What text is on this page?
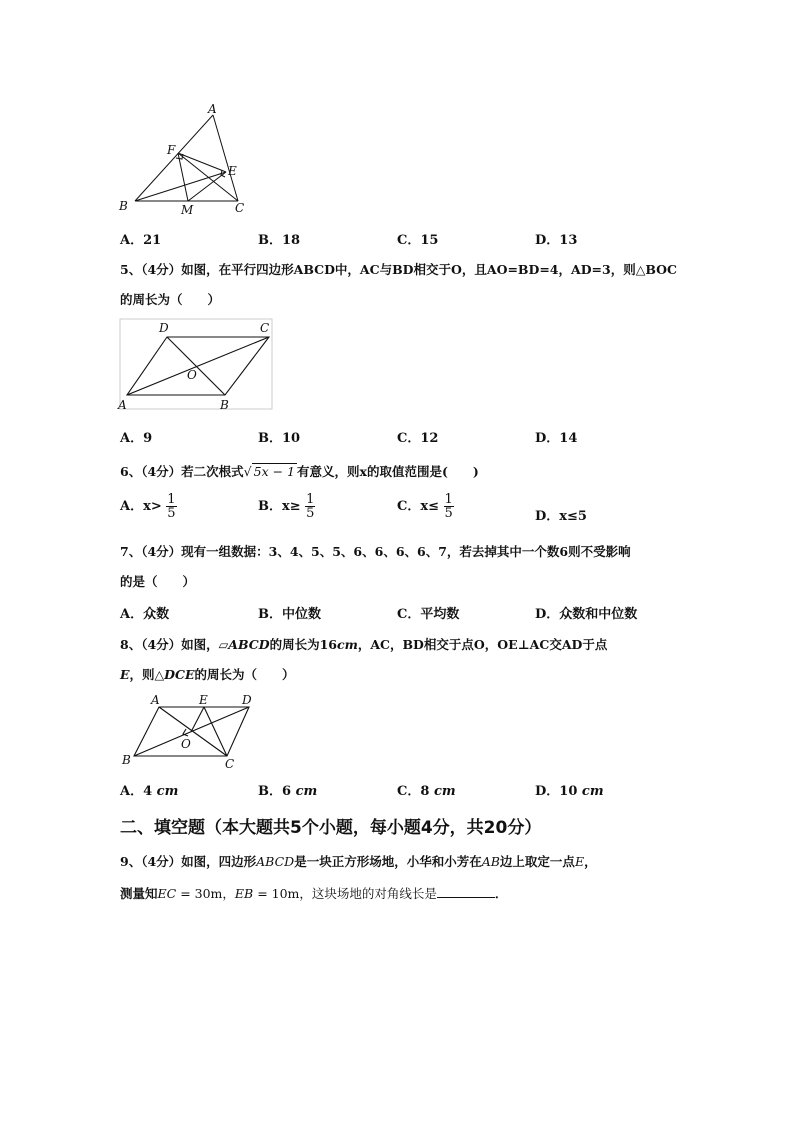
A
F
E
B	M	C
A．21	B．18	C．15	D．13
5、（4分）如图，在平行四边形ABCD中，AC与BD相交于O，且AO=BD=4，AD=3，则△BOC
的周长为（　　）
D	C
O
A	B
A．9	B．10	C．12	D．14
6、（4分）若二次根式√ 5x − 1 有意义，则x的取值范围是(　　)
A．$x> \frac{1}{5}$	B．$x\ge \frac{1}{5}$	C．$x\le \frac{1}{5}$	D．x≤5
7、（4分）现有一组数据：3、4、5、5、6、6、6、6、7，若去掉其中一个数6则不受影响
的是（　　）
A．众数	B．中位数	C．平均数	D．众数和中位数
8、（4分）如图，▱ABCD的周长为16cm，AC，BD相交于点O，OE⊥AC交AD于点
E，则△DCE的周长为（　　）
A	E	D
O
B	C
A．4 cm	B．6 cm	C．8 cm	D．10 cm
二、填空题（本大题共5个小题，每小题4分，共20分）
9、（4分）如图，四边形ABCD是一块正方形场地，小华和小芳在AB边上取定一点E，
测量知EC = 30m，EB = 10m，这块场地的对角线长是	．
